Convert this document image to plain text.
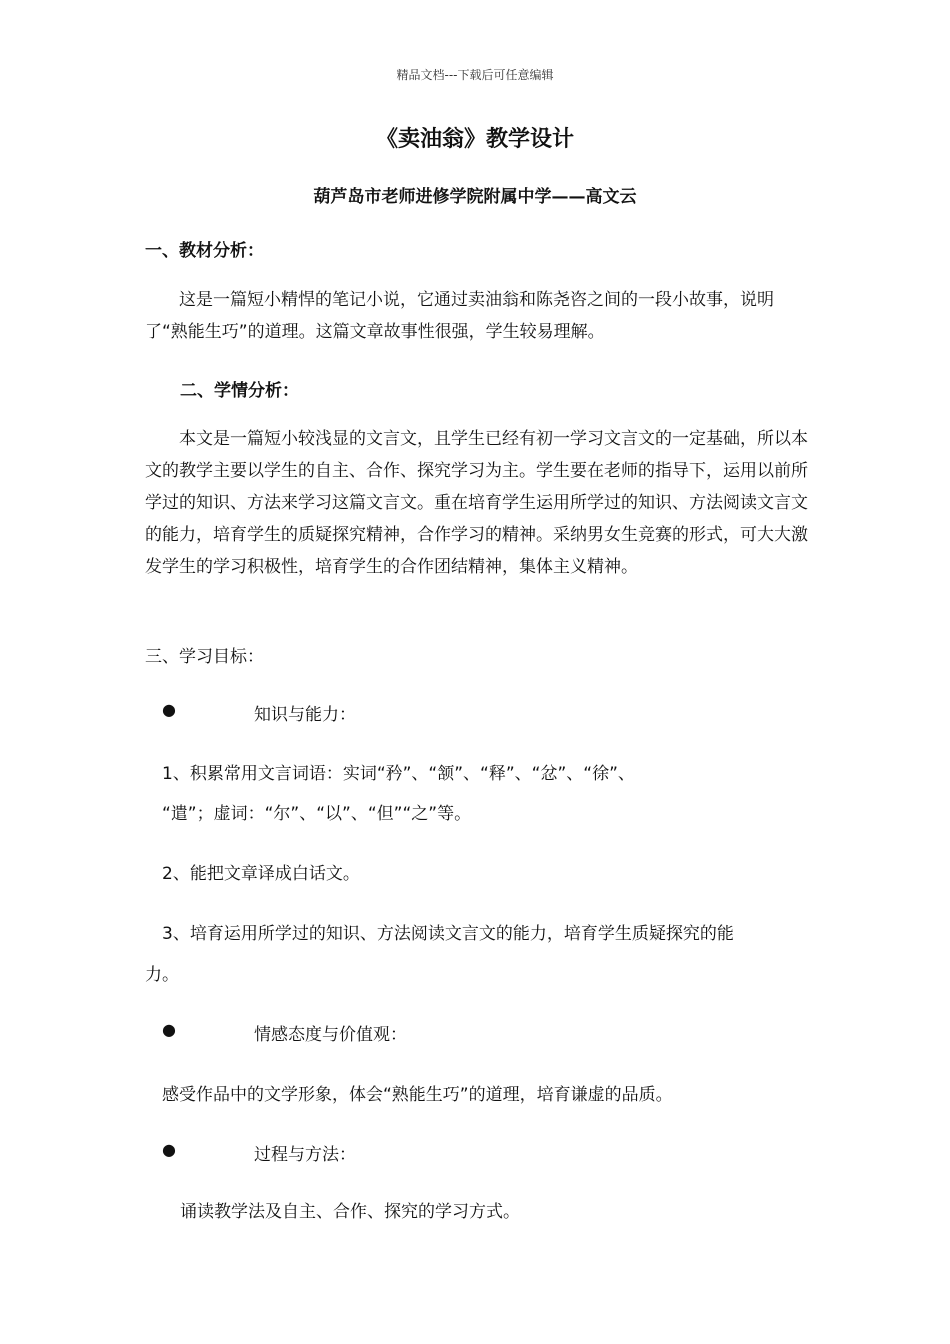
精品文档---下载后可任意编辑
《卖油翁》教学设计
葫芦岛市老师进修学院附属中学——高文云
一、教材分析：

这是一篇短小精悍的笔记小说，它通过卖油翁和陈尧咨之间的一段小故事，说明了“熟能生巧”的道理。这篇文章故事性很强，学生较易理解。

二、学情分析：

本文是一篇短小较浅显的文言文，且学生已经有初一学习文言文的一定基础，所以本文的教学主要以学生的自主、合作、探究学习为主。学生要在老师的指导下，运用以前所学过的知识、方法来学习这篇文言文。重在培育学生运用所学过的知识、方法阅读文言文的能力，培育学生的质疑探究精神，合作学习的精神。采纳男女生竞赛的形式，可大大激发学生的学习积极性，培育学生的合作团结精神，集体主义精神。

三、学习目标：
●	知识与能力：
1、积累常用文言词语：实词“矜”、“颔”、“释”、“忿”、“徐”、
“遣”；虚词：“尔”、“以”、“但”“之”等。
2、能把文章译成白话文。
3、培育运用所学过的知识、方法阅读文言文的能力，培育学生质疑探究的能
力。
●	情感态度与价值观：
感受作品中的文学形象，体会“熟能生巧”的道理，培育谦虚的品质。
●	过程与方法：
诵读教学法及自主、合作、探究的学习方式。
